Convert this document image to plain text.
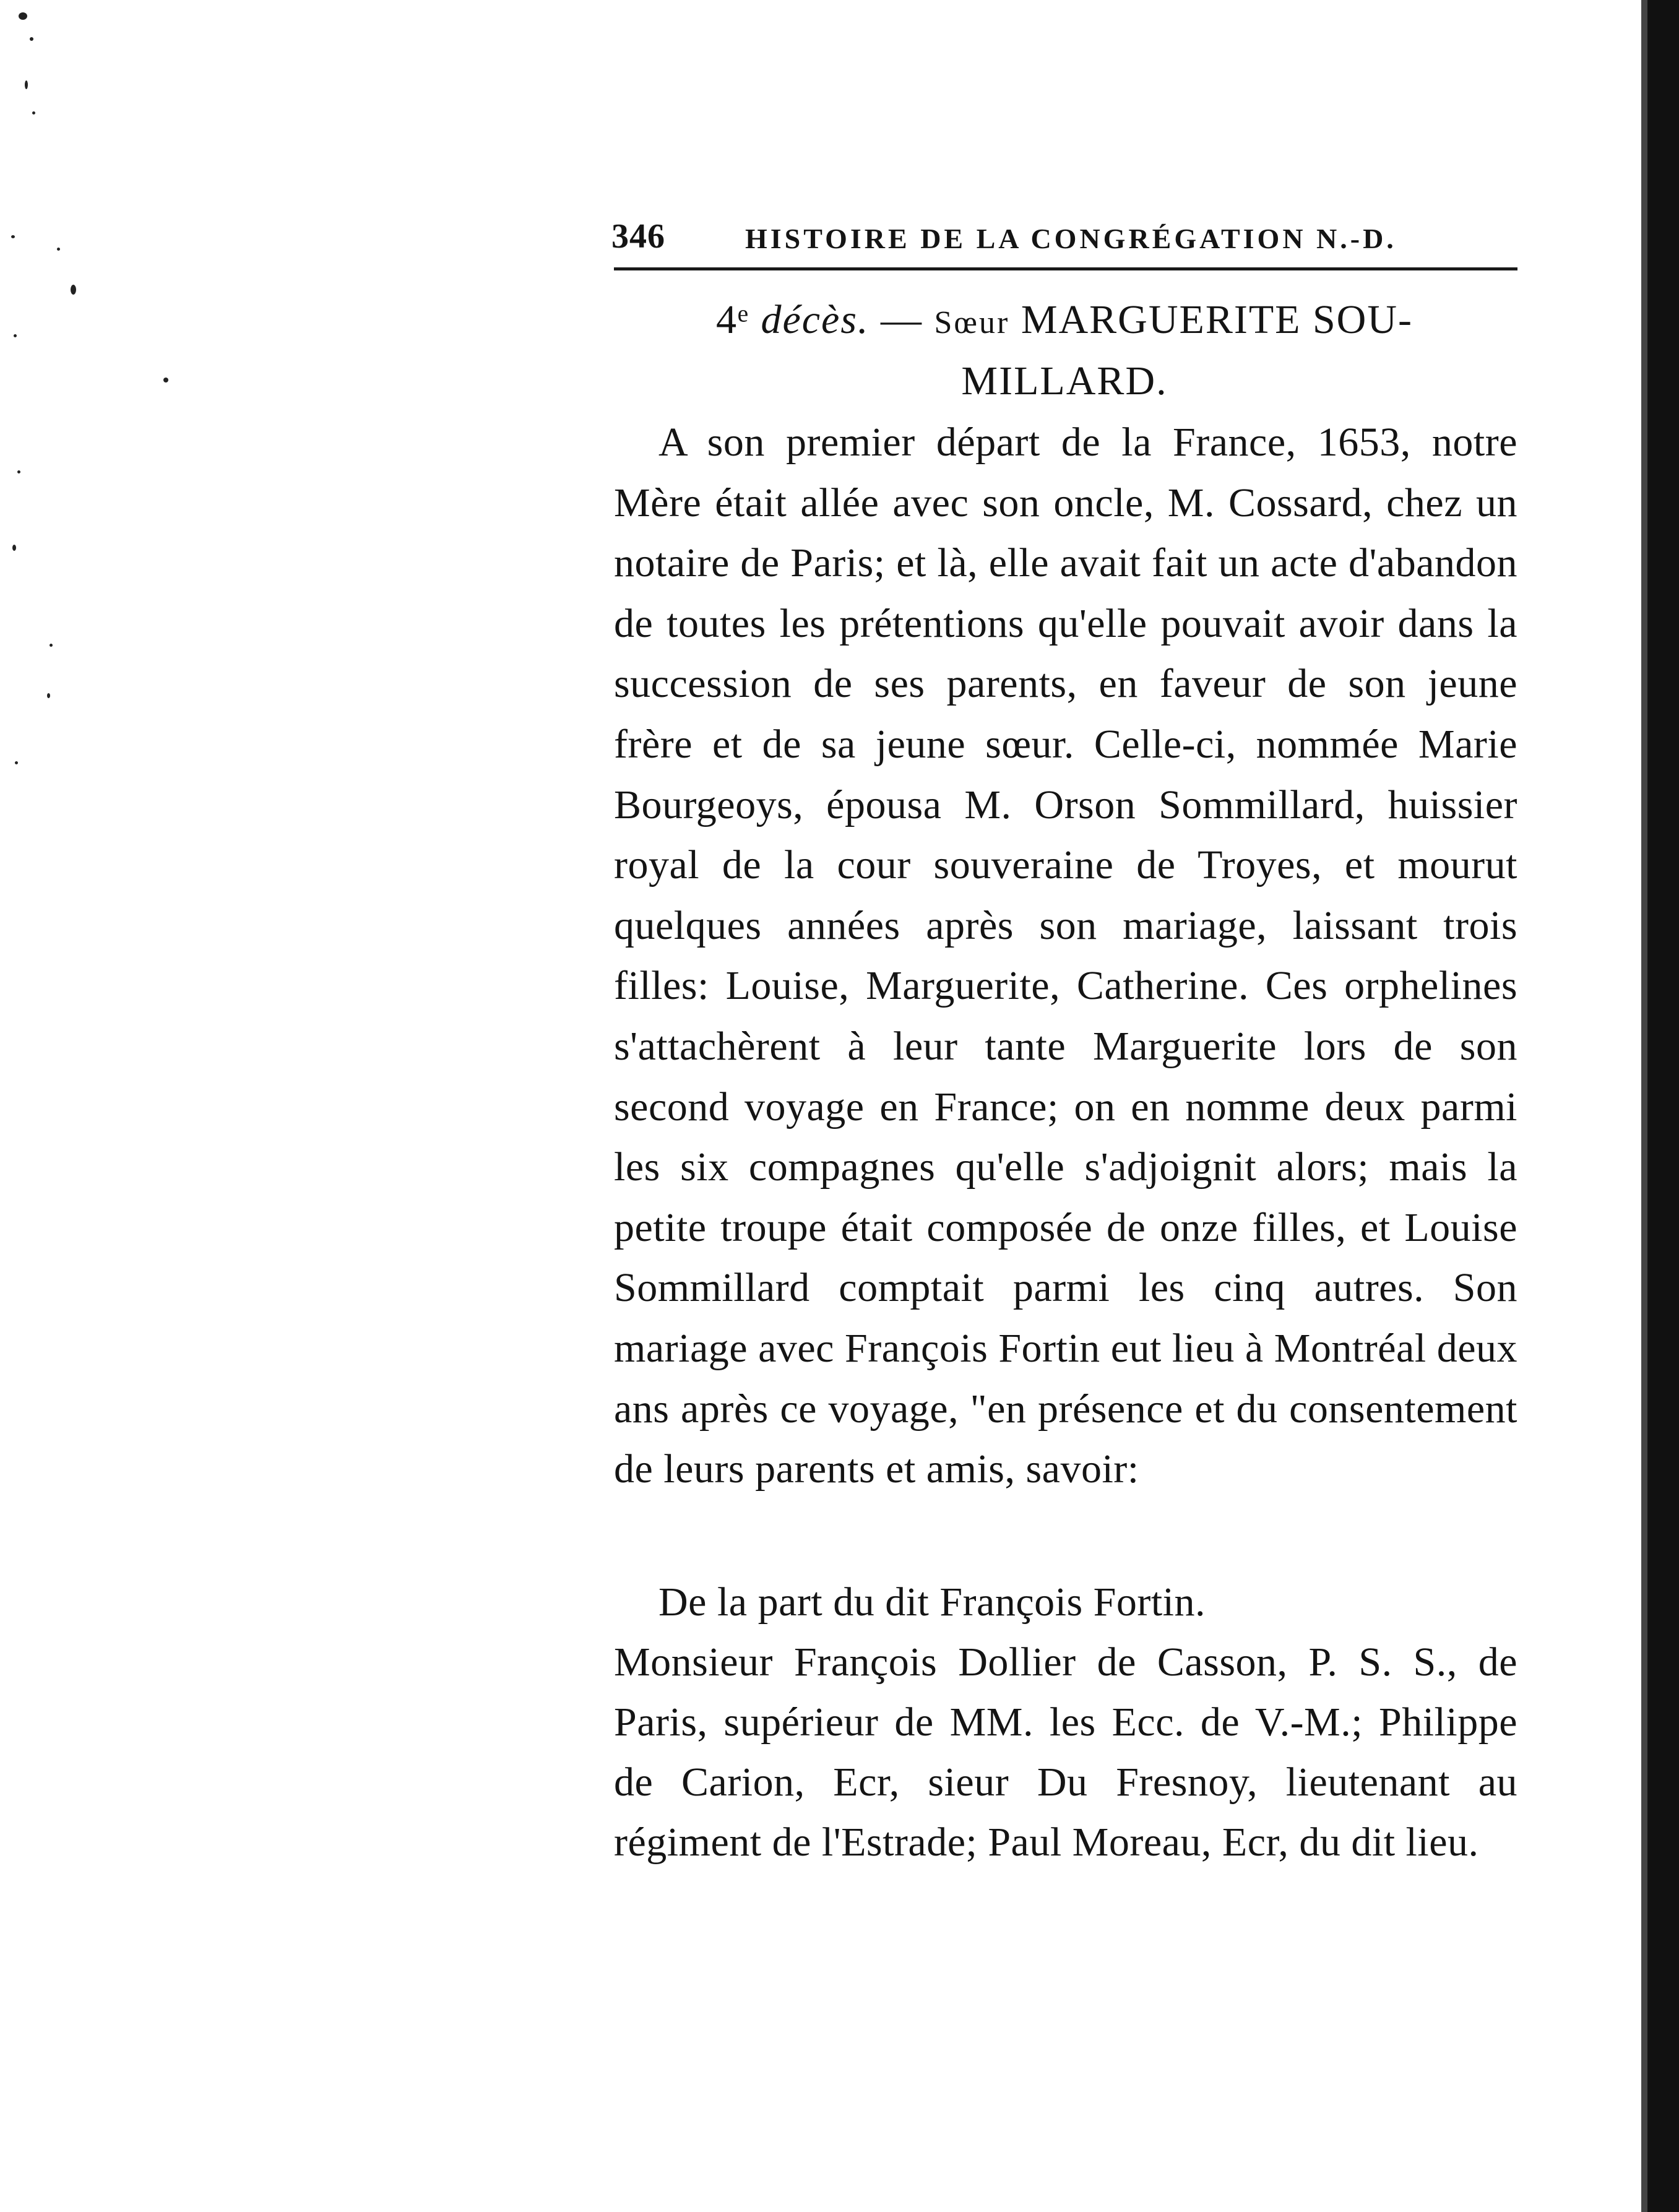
346	HISTOIRE DE LA CONGRÉGATION N.-D.
4ᵉ décès. — Sœur MARGUERITE SOU-
MILLARD.

A son premier départ de la France, 1653, notre Mère était allée avec son oncle, M. Cossard, chez un notaire de Paris; et là, elle avait fait un acte d'abandon de toutes les prétentions qu'elle pouvait avoir dans la succession de ses parents, en faveur de son jeune frère et de sa jeune sœur. Celle-ci, nommée Marie Bourgeoys, épousa M. Orson Sommillard, huissier royal de la cour souveraine de Troyes, et mourut quelques années après son mariage, laissant trois filles: Louise, Marguerite, Catherine. Ces orphelines s'attachèrent à leur tante Marguerite lors de son second voyage en France; on en nomme deux parmi les six compagnes qu'elle s'adjoignit alors; mais la petite troupe était composée de onze filles, et Louise Sommillard comptait parmi les cinq autres. Son mariage avec François Fortin eut lieu à Montréal deux ans après ce voyage, "en présence et du consentement de leurs parents et amis, savoir:

De la part du dit François Fortin.

Monsieur François Dollier de Casson, P. S. S., de Paris, supérieur de MM. les Ecc. de V.-M.; Philippe de Carion, Ecr, sieur Du Fresnoy, lieutenant au régiment de l'Estrade; Paul Moreau, Ecr, du dit lieu.
